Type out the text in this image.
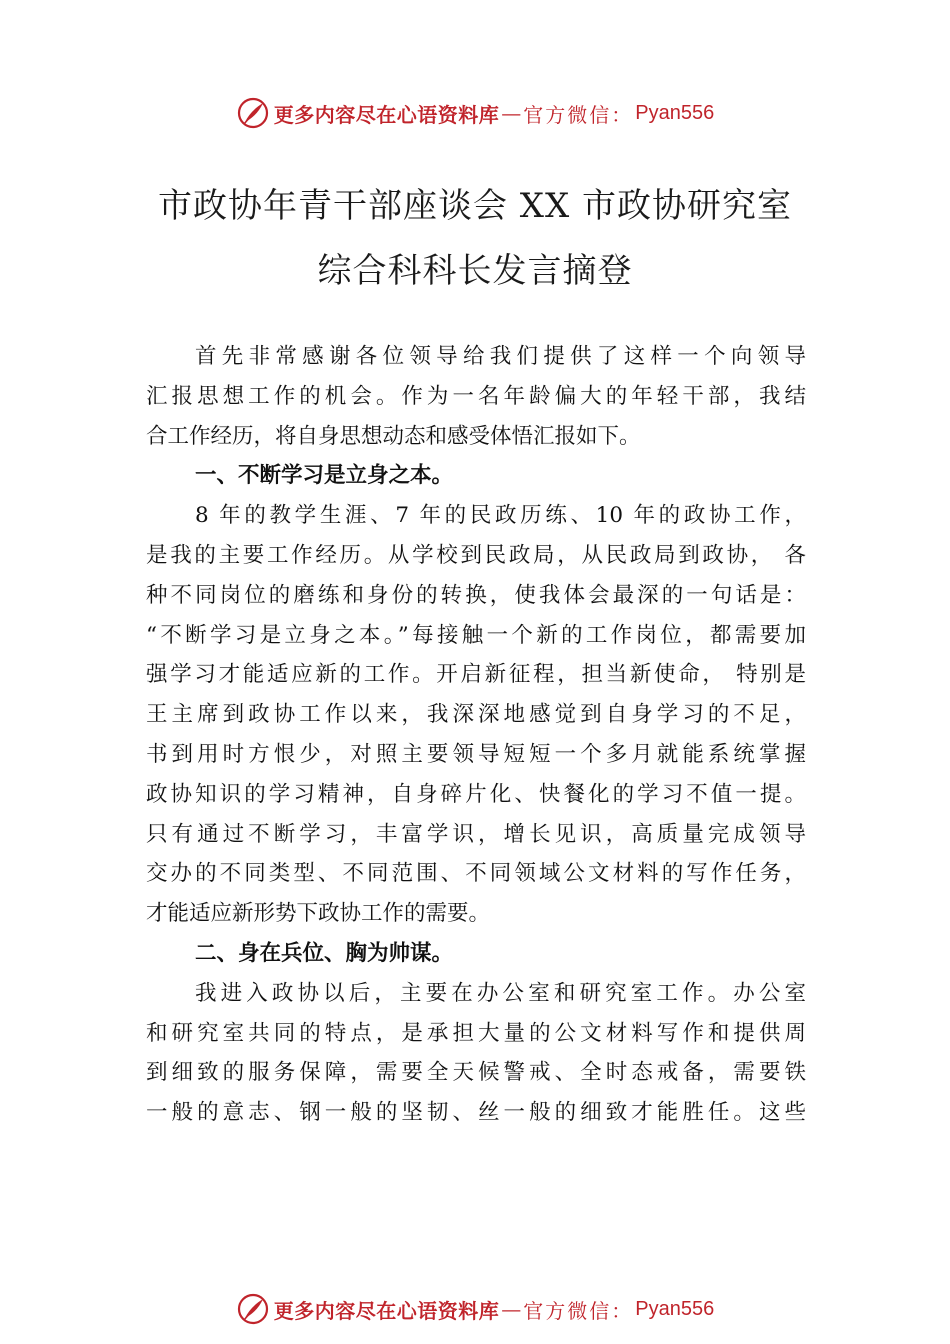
更多内容尽在心语资料库 — 官方微信： Pyan556
市政协年青干部座谈会 XX 市政协研究室
综合科科长发言摘登
首先非常感谢各位领导给我们提供了这样一个向领导
汇报思想工作的机会。作为一名年龄偏大的年轻干部，我结
合工作经历，将自身思想动态和感受体悟汇报如下。
一、不断学习是立身之本。
8 年的教学生涯、7 年的民政历练、10 年的政协工作，
是我的主要工作经历。从学校到民政局，从民政局到政协， 各
种不同岗位的磨练和身份的转换，使我体会最深的一句话是：
“不断学习是立身之本。”每接触一个新的工作岗位，都需要加
强学习才能适应新的工作。开启新征程，担当新使命， 特别是
王主席到政协工作以来，我深深地感觉到自身学习的不足，
书到用时方恨少，对照主要领导短短一个多月就能系统掌握
政协知识的学习精神，自身碎片化、快餐化的学习不值一提。
只有通过不断学习，丰富学识，增长见识，高质量完成领导
交办的不同类型、不同范围、不同领域公文材料的写作任务，
才能适应新形势下政协工作的需要。
二、身在兵位、胸为帅谋。
我进入政协以后，主要在办公室和研究室工作。办公室
和研究室共同的特点，是承担大量的公文材料写作和提供周
到细致的服务保障，需要全天候警戒、全时态戒备，需要铁
一般的意志、钢一般的坚韧、丝一般的细致才能胜任。这些
更多内容尽在心语资料库 — 官方微信： Pyan556
